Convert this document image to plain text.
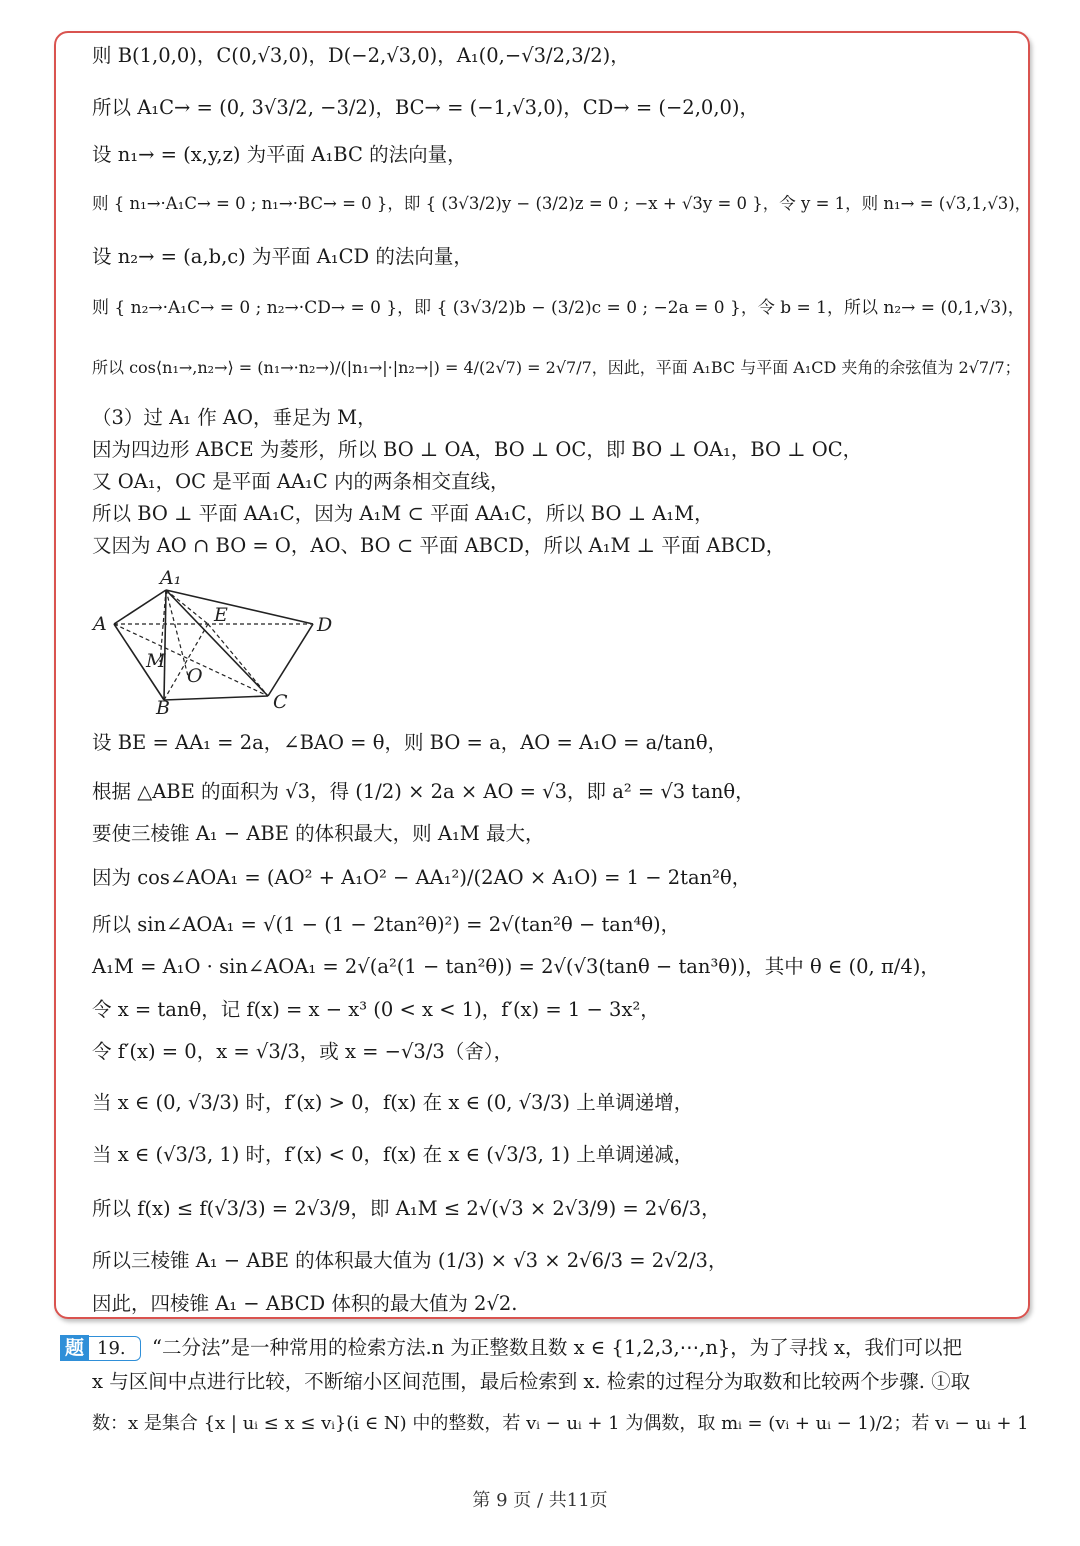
则 B(1,0,0)，C(0,√3,0)，D(−2,√3,0)，A₁(0,−√3/2,3/2)，
所以 A₁C→ = (0, 3√3/2, −3/2)，BC→ = (−1,√3,0)，CD→ = (−2,0,0)，
设 n₁→ = (x,y,z) 为平面 A₁BC 的法向量，
则 { n₁→·A₁C→ = 0 ; n₁→·BC→ = 0 }，即 { (3√3/2)y − (3/2)z = 0 ; −x + √3y = 0 }，令 y = 1，则 n₁→ = (√3,1,√3)，
设 n₂→ = (a,b,c) 为平面 A₁CD 的法向量，
则 { n₂→·A₁C→ = 0 ; n₂→·CD→ = 0 }，即 { (3√3/2)b − (3/2)c = 0 ; −2a = 0 }，令 b = 1，所以 n₂→ = (0,1,√3)，
所以 cos⟨n₁→,n₂→⟩ = (n₁→·n₂→)/(|n₁→|·|n₂→|) = 4/(2√7) = 2√7/7，因此，平面 A₁BC 与平面 A₁CD 夹角的余弦值为 2√7/7；
（3）过 A₁ 作 AO，垂足为 M，
因为四边形 ABCE 为菱形，所以 BO ⊥ OA，BO ⊥ OC，即 BO ⊥ OA₁，BO ⊥ OC，
又 OA₁，OC 是平面 AA₁C 内的两条相交直线，
所以 BO ⊥ 平面 AA₁C，因为 A₁M ⊂ 平面 AA₁C，所以 BO ⊥ A₁M，
又因为 AO ∩ BO = O，AO、BO ⊂ 平面 ABCD，所以 A₁M ⊥ 平面 ABCD，
设 BE = AA₁ = 2a，∠BAO = θ，则 BO = a，AO = A₁O = a/tanθ，
根据 △ABE 的面积为 √3，得 (1/2) × 2a × AO = √3，即 a² = √3 tanθ，
要使三棱锥 A₁ − ABE 的体积最大，则 A₁M 最大，
因为 cos∠AOA₁ = (AO² + A₁O² − AA₁²)/(2AO × A₁O) = 1 − 2tan²θ，
所以 sin∠AOA₁ = √(1 − (1 − 2tan²θ)²) = 2√(tan²θ − tan⁴θ)，
A₁M = A₁O · sin∠AOA₁ = 2√(a²(1 − tan²θ)) = 2√(√3(tanθ − tan³θ))，其中 θ ∈ (0, π/4)，
令 x = tanθ，记 f(x) = x − x³ (0 < x < 1)，f′(x) = 1 − 3x²，
令 f′(x) = 0，x = √3/3，或 x = −√3/3（舍），
当 x ∈ (0, √3/3) 时，f′(x) > 0，f(x) 在 x ∈ (0, √3/3) 上单调递增，
当 x ∈ (√3/3, 1) 时，f′(x) < 0，f(x) 在 x ∈ (√3/3, 1) 上单调递减，
所以 f(x) ≤ f(√3/3) = 2√3/9，即 A₁M ≤ 2√(√3 × 2√3/9) = 2√6/3，
所以三棱锥 A₁ − ABE 的体积最大值为 (1/3) × √3 × 2√6/3 = 2√2/3，
因此，四棱锥 A₁ − ABCD 体积的最大值为 2√2.
A₁
A	E	D
M
O
B	C
题 19.	“二分法”是一种常用的检索方法.n 为正整数且数 x ∈ {1,2,3,⋯,n}，为了寻找 x，我们可以把
x 与区间中点进行比较，不断缩小区间范围，最后检索到 x. 检索的过程分为取数和比较两个步骤. ①取
数：x 是集合 {x | uᵢ ≤ x ≤ vᵢ}(i ∈ N) 中的整数，若 vᵢ − uᵢ + 1 为偶数，取 mᵢ = (vᵢ + uᵢ − 1)/2；若 vᵢ − uᵢ + 1
第 9 页 / 共11页
